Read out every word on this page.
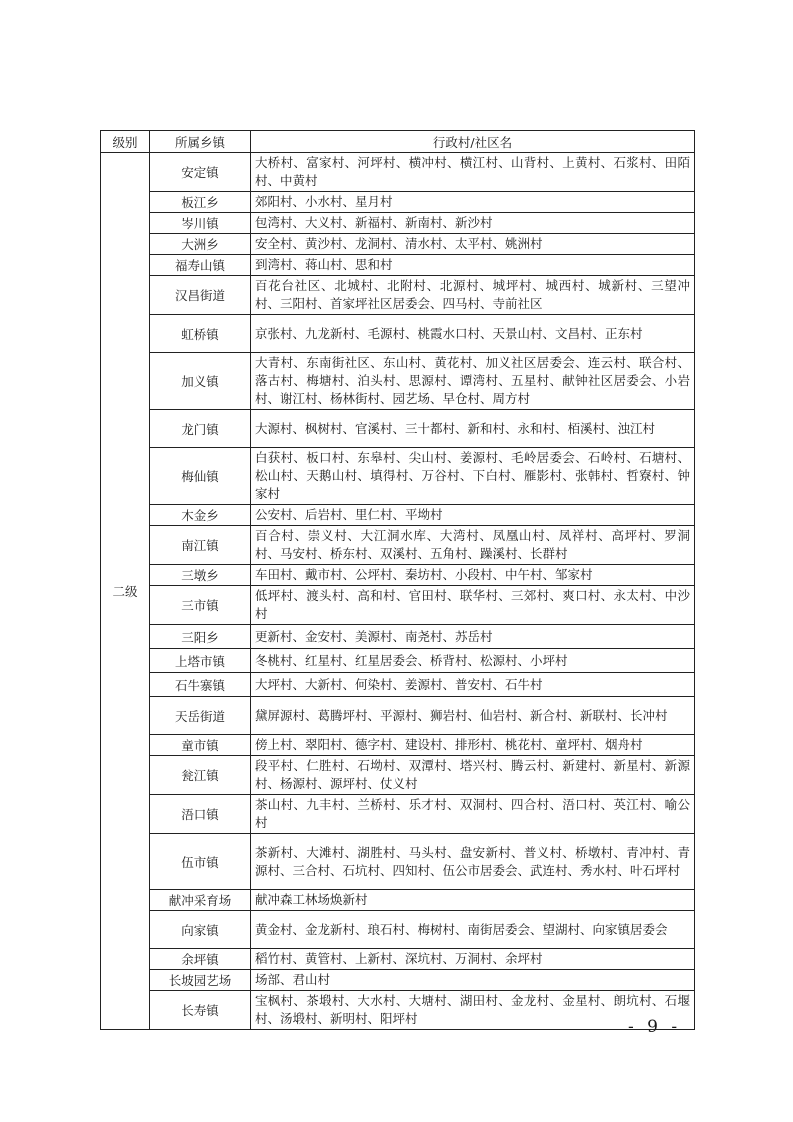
级别	所属乡镇	行政村/社区名
二级	安定镇	大桥村、富家村、河坪村、横冲村、横江村、山背村、上黄村、石浆村、田陌村、中黄村
	板江乡	郊阳村、小水村、星月村
	岑川镇	包湾村、大义村、新福村、新南村、新沙村
	大洲乡	安全村、黄沙村、龙洞村、清水村、太平村、姚洲村
	福寿山镇	到湾村、蒋山村、思和村
	汉昌街道	百花台社区、北城村、北附村、北源村、城坪村、城西村、城新村、三望冲村、三阳村、首家坪社区居委会、四马村、寺前社区
	虹桥镇	京张村、九龙新村、毛源村、桃霞水口村、天景山村、文昌村、正东村
	加义镇	大青村、东南街社区、东山村、黄花村、加义社区居委会、连云村、联合村、落古村、梅塘村、泊头村、思源村、谭湾村、五星村、献钟社区居委会、小岩村、谢江村、杨林街村、园艺场、早仓村、周方村
	龙门镇	大源村、枫树村、官溪村、三十都村、新和村、永和村、栢溪村、浊江村
	梅仙镇	白获村、板口村、东皋村、尖山村、姜源村、毛岭居委会、石岭村、石塘村、松山村、天鹅山村、填得村、万谷村、下白村、雁影村、张韩村、哲寮村、钟家村
	木金乡	公安村、后岩村、里仁村、平坳村
	南江镇	百合村、崇义村、大江洞水库、大湾村、凤凰山村、凤祥村、高坪村、罗洞村、马安村、桥东村、双溪村、五角村、躁溪村、长群村
	三墩乡	车田村、戴市村、公坪村、秦坊村、小段村、中午村、邹家村
	三市镇	低坪村、渡头村、高和村、官田村、联华村、三郊村、爽口村、永太村、中沙村
	三阳乡	更新村、金安村、美源村、南尧村、苏岳村
	上塔市镇	冬桃村、红星村、红星居委会、桥背村、松源村、小坪村
	石牛寨镇	大坪村、大新村、何染村、姜源村、普安村、石牛村
	天岳街道	黛屏源村、葛腾坪村、平源村、狮岩村、仙岩村、新合村、新联村、长冲村
	童市镇	傍上村、翠阳村、德字村、建设村、排形村、桃花村、童坪村、烟舟村
	瓮江镇	段平村、仁胜村、石坳村、双潭村、塔兴村、腾云村、新建村、新星村、新源村、杨源村、源坪村、仗义村
	浯口镇	茶山村、九丰村、兰桥村、乐才村、双洞村、四合村、浯口村、英江村、喻公村
	伍市镇	茶新村、大滩村、湖胜村、马头村、盘安新村、普义村、桥墩村、青冲村、青源村、三合村、石坑村、四知村、伍公市居委会、武连村、秀水村、叶石坪村
	献冲采育场	献冲森工林场焕新村
	向家镇	黄金村、金龙新村、琅石村、梅树村、南街居委会、望湖村、向家镇居委会
	余坪镇	稻竹村、黄管村、上新村、深坑村、万洞村、余坪村
	长坡园艺场	场部、君山村
	长寿镇	宝枫村、茶塅村、大水村、大塘村、湖田村、金龙村、金星村、朗坑村、石堰村、汤塅村、新明村、阳坪村	- 9 -
